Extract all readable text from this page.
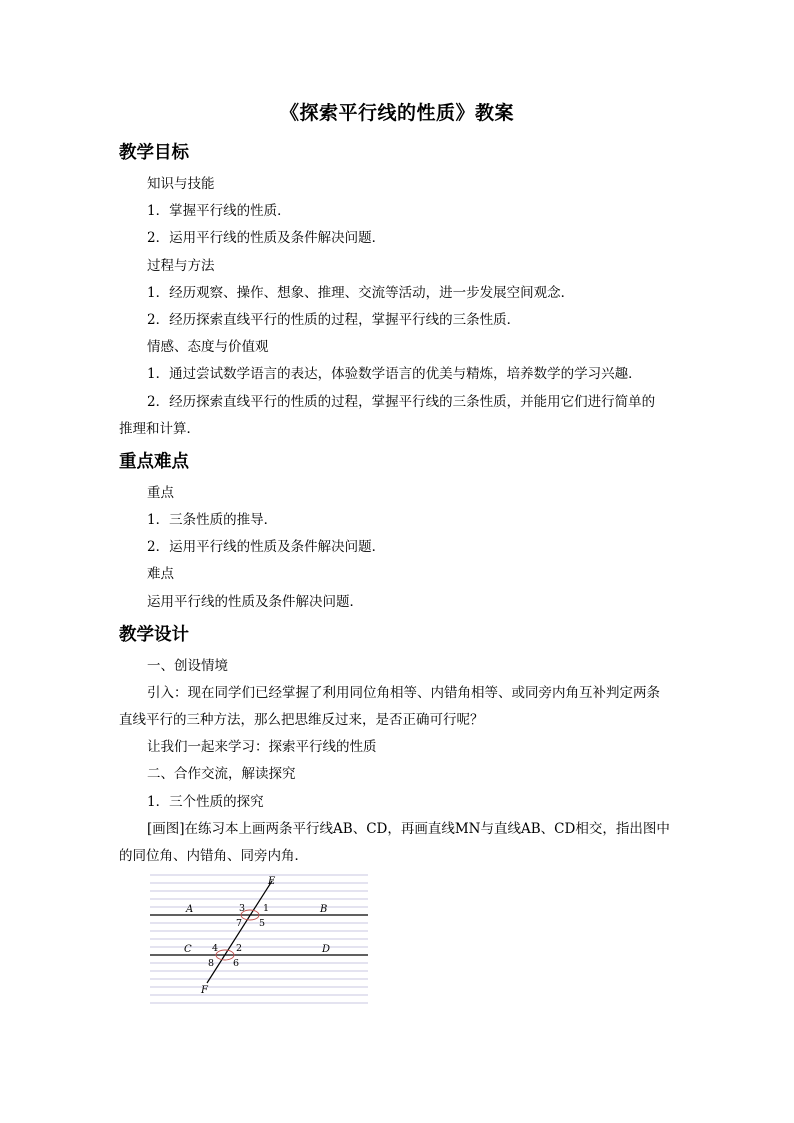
《探索平行线的性质》教案
教学目标
知识与技能
1．掌握平行线的性质．
2．运用平行线的性质及条件解决问题．
过程与方法
1．经历观察、操作、想象、推理、交流等活动，进一步发展空间观念．
2．经历探索直线平行的性质的过程，掌握平行线的三条性质．
情感、态度与价值观
1．通过尝试数学语言的表达，体验数学语言的优美与精炼，培养数学的学习兴趣．
2．经历探索直线平行的性质的过程，掌握平行线的三条性质，并能用它们进行简单的
推理和计算．
重点难点
重点
1．三条性质的推导．
2．运用平行线的性质及条件解决问题．
难点
运用平行线的性质及条件解决问题．
教学设计
一、创设情境
引入：现在同学们已经掌握了利用同位角相等、内错角相等、或同旁内角互补判定两条
直线平行的三种方法，那么把思维反过来，是否正确可行呢？
让我们一起来学习：探索平行线的性质
二、合作交流，解读探究
1．三个性质的探究
[画图]在练习本上画两条平行线AB、CD，再画直线MN与直线AB、CD相交，指出图中
的同位角、内错角、同旁内角．
E
A	B
C	D
F
3 1
7 5
4 2
8 6
